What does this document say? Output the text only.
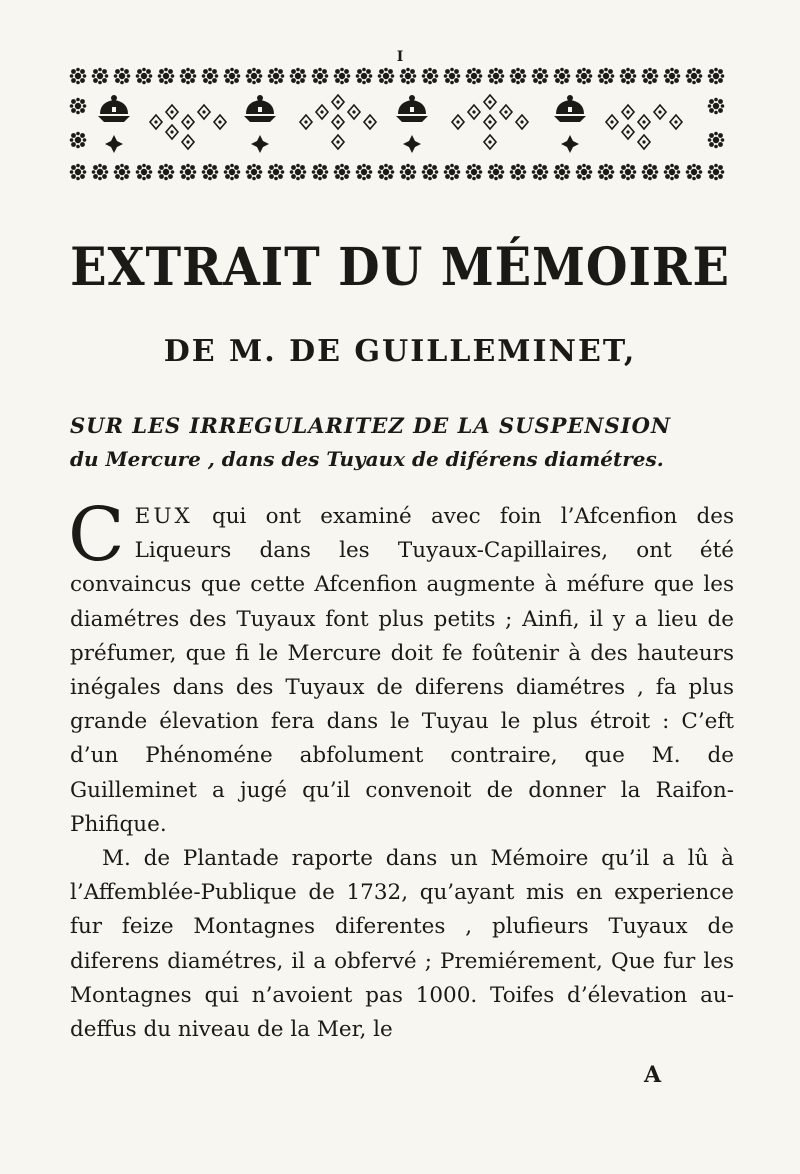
I
EXTRAIT DU MÉMOIRE
DE M. DE GUILLEMINET,
SUR LES IRREGULARITEZ DE LA SUSPENSION
du Mercure , dans des Tuyaux de diférens diamétres.

CEUX qui ont examiné avec foin l’Afcenfion des Liqueurs dans les Tuyaux-Capillaires, ont été convaincus que cette Afcenfion augmente à méfure que les diamétres des Tuyaux font plus petits ; Ainfi, il y a lieu de préfumer, que fi le Mercure doit fe foûtenir à des hauteurs inégales dans des Tuyaux de diferens diamétres , fa plus grande élevation fera dans le Tuyau le plus étroit : C’eft d’un Phénoméne abfolument contraire, que M. de Guilleminet a jugé qu’il convenoit de donner la Raifon-Phifique.

M. de Plantade raporte dans un Mémoire qu’il a lû à l’Affemblée-Publique de 1732, qu’ayant mis en experience fur feize Montagnes diferentes , plufieurs Tuyaux de diferens diamétres, il a obfervé ; Premiérement, Que fur les Montagnes qui n’avoient pas 1000. Toifes d’élevation au-deffus du niveau de la Mer, le

A
